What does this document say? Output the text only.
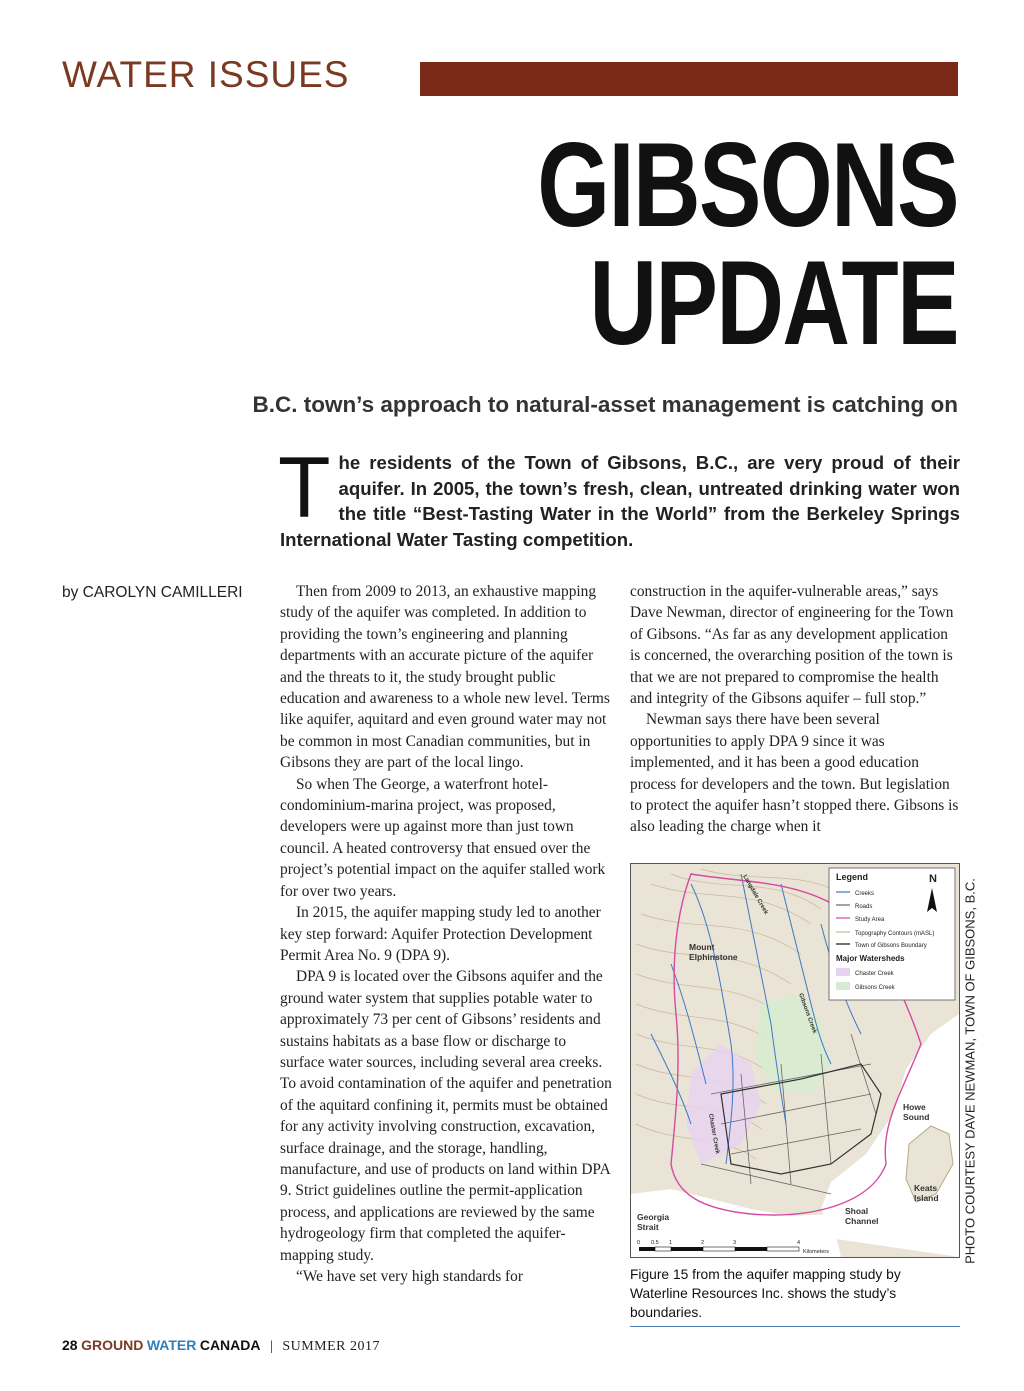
WATER ISSUES
GIBSONS
UPDATE
B.C. town’s approach to natural-asset management is catching on
The residents of the Town of Gibsons, B.C., are very proud of their aquifer. In 2005, the town’s fresh, clean, untreated drinking water won the title “Best-Tasting Water in the World” from the Berkeley Springs International Water Tasting competition.
by CAROLYN CAMILLERI	Then from 2009 to 2013, an exhaustive mapping study of the aquifer was completed. In addition to providing the town’s engineering and planning departments with an accurate picture of the aquifer and the threats to it, the study brought public education and awareness to a whole new level. Terms like aquifer, aquitard and even ground water may not be common in most Canadian communities, but in Gibsons they are part of the local lingo.

So when The George, a waterfront hotel-condominium-marina project, was proposed, developers were up against more than just town council. A heated controversy that ensued over the project’s potential impact on the aquifer stalled work for over two years.

In 2015, the aquifer mapping study led to another key step forward: Aquifer Protection Development Permit Area No. 9 (DPA 9).

DPA 9 is located over the Gibsons aquifer and the ground water system that supplies potable water to approximately 73 per cent of Gibsons’ residents and sustains habitats as a base flow or discharge to surface water sources, including several area creeks. To avoid contamination of the aquifer and penetration of the aquitard confining it, permits must be obtained for any activity involving construction, excavation, surface drainage, and the storage, handling, manufacture, and use of products on land within DPA 9. Strict guidelines outline the permit-application process, and applications are reviewed by the same hydrogeology firm that completed the aquifer-mapping study.

“We have set very high standards for

construction in the aquifer-vulnerable areas,” says Dave Newman, director of engineering for the Town of Gibsons. “As far as any development application is concerned, the overarching position of the town is that we are not prepared to compromise the health and integrity of the Gibsons aquifer – full stop.”

Newman says there have been several opportunities to apply DPA 9 since it was implemented, and it has been a good education process for developers and the town. But legislation to protect the aquifer hasn’t stopped there. Gibsons is also leading the charge when it

Legend	N
Creeks
Roads
Study Area
Topography Contours (mASL)
Town of Gibsons Boundary
Major Watersheds
Chaster Creek
Gibsons Creek
Mount
Elphinstone
Howe
Sound
Keats
Island
Georgia
Strait
Shoal
Channel
Langdale Creek
Gibsons Creek
Chaster Creek
0 0.5 1	2	3	4
Kilometers	PHOTO COURTESY DAVE NEWMAN, TOWN OF GIBSONS, B.C.
Figure 15 from the aquifer mapping study by Waterline Resources Inc. shows the study’s boundaries.
28 GROUND WATER CANADA | SUMMER 2017
